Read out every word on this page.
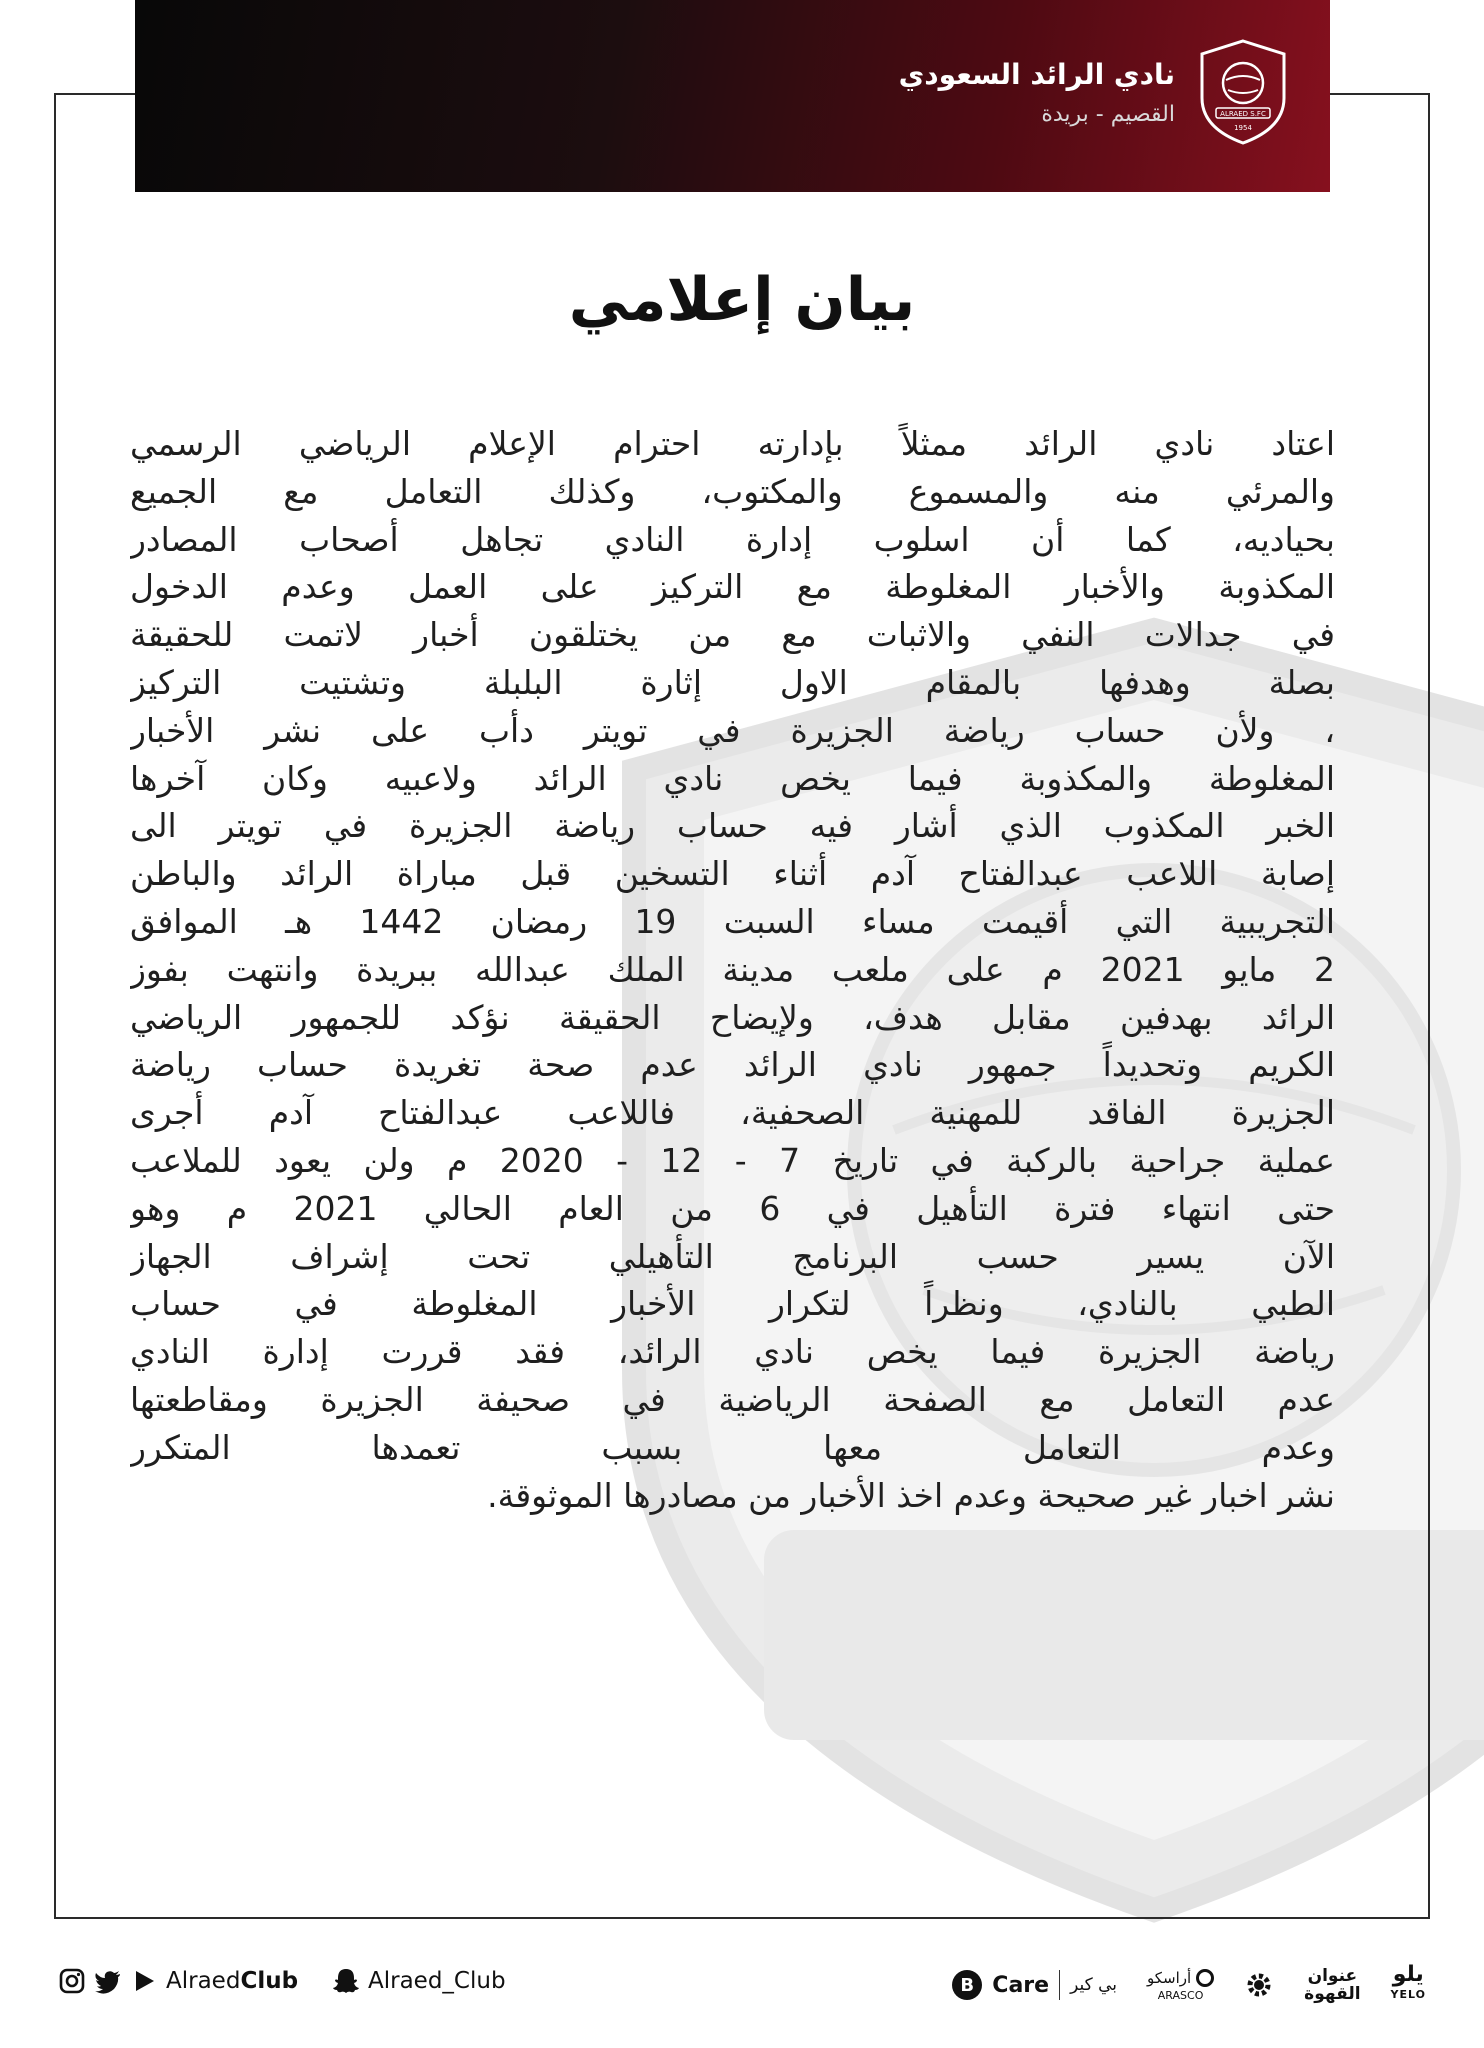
نادي الرائد السعودي
القصيم - بريدة	ALRAED S.FC
1954
بيان إعلامي
اعتاد نادي الرائد ممثلاً بإدارته احترام الإعلام الرياضي الرسمي
والمرئي منه والمسموع والمكتوب، وكذلك التعامل مع الجميع
بحياديه، كما أن اسلوب إدارة النادي تجاهل أصحاب المصادر
المكذوبة والأخبار المغلوطة مع التركيز على العمل وعدم الدخول
في جدالات النفي والاثبات مع من يختلقون أخبار لاتمت للحقيقة
بصلة وهدفها بالمقام الاول إثارة البلبلة وتشتيت التركيز
، ولأن حساب رياضة الجزيرة في تويتر دأب على نشر الأخبار
المغلوطة والمكذوبة فيما يخص نادي الرائد ولاعبيه وكان آخرها
الخبر المكذوب الذي أشار فيه حساب رياضة الجزيرة في تويتر الى
إصابة اللاعب عبدالفتاح آدم أثناء التسخين قبل مباراة الرائد والباطن
التجريبية التي أقيمت مساء السبت 19 رمضان 1442 هـ الموافق
2 مايو 2021 م على ملعب مدينة الملك عبدالله ببريدة وانتهت بفوز
الرائد بهدفين مقابل هدف، ولإيضاح الحقيقة نؤكد للجمهور الرياضي
الكريم وتحديداً جمهور نادي الرائد عدم صحة تغريدة حساب رياضة
الجزيرة الفاقد للمهنية الصحفية، فاللاعب عبدالفتاح آدم أجرى
عملية جراحية بالركبة في تاريخ 7 - 12 - 2020 م ولن يعود للملاعب
حتى انتهاء فترة التأهيل في 6 من العام الحالي 2021 م وهو
الآن يسير حسب البرنامج التأهيلي تحت إشراف الجهاز
الطبي بالنادي، ونظراً لتكرار الأخبار المغلوطة في حساب
رياضة الجزيرة فيما يخص نادي الرائد، فقد قررت إدارة النادي
عدم التعامل مع الصفحة الرياضية في صحيفة الجزيرة ومقاطعتها
وعدم التعامل معها بسبب تعمدها المتكرر
نشر اخبار غير صحيحة وعدم اخذ الأخبار من مصادرها الموثوقة.
AlraedClub	Alraed_Club	B Care بي كير أراسكو
ARASCO
عنوان
القهوة
يلو
YELO
